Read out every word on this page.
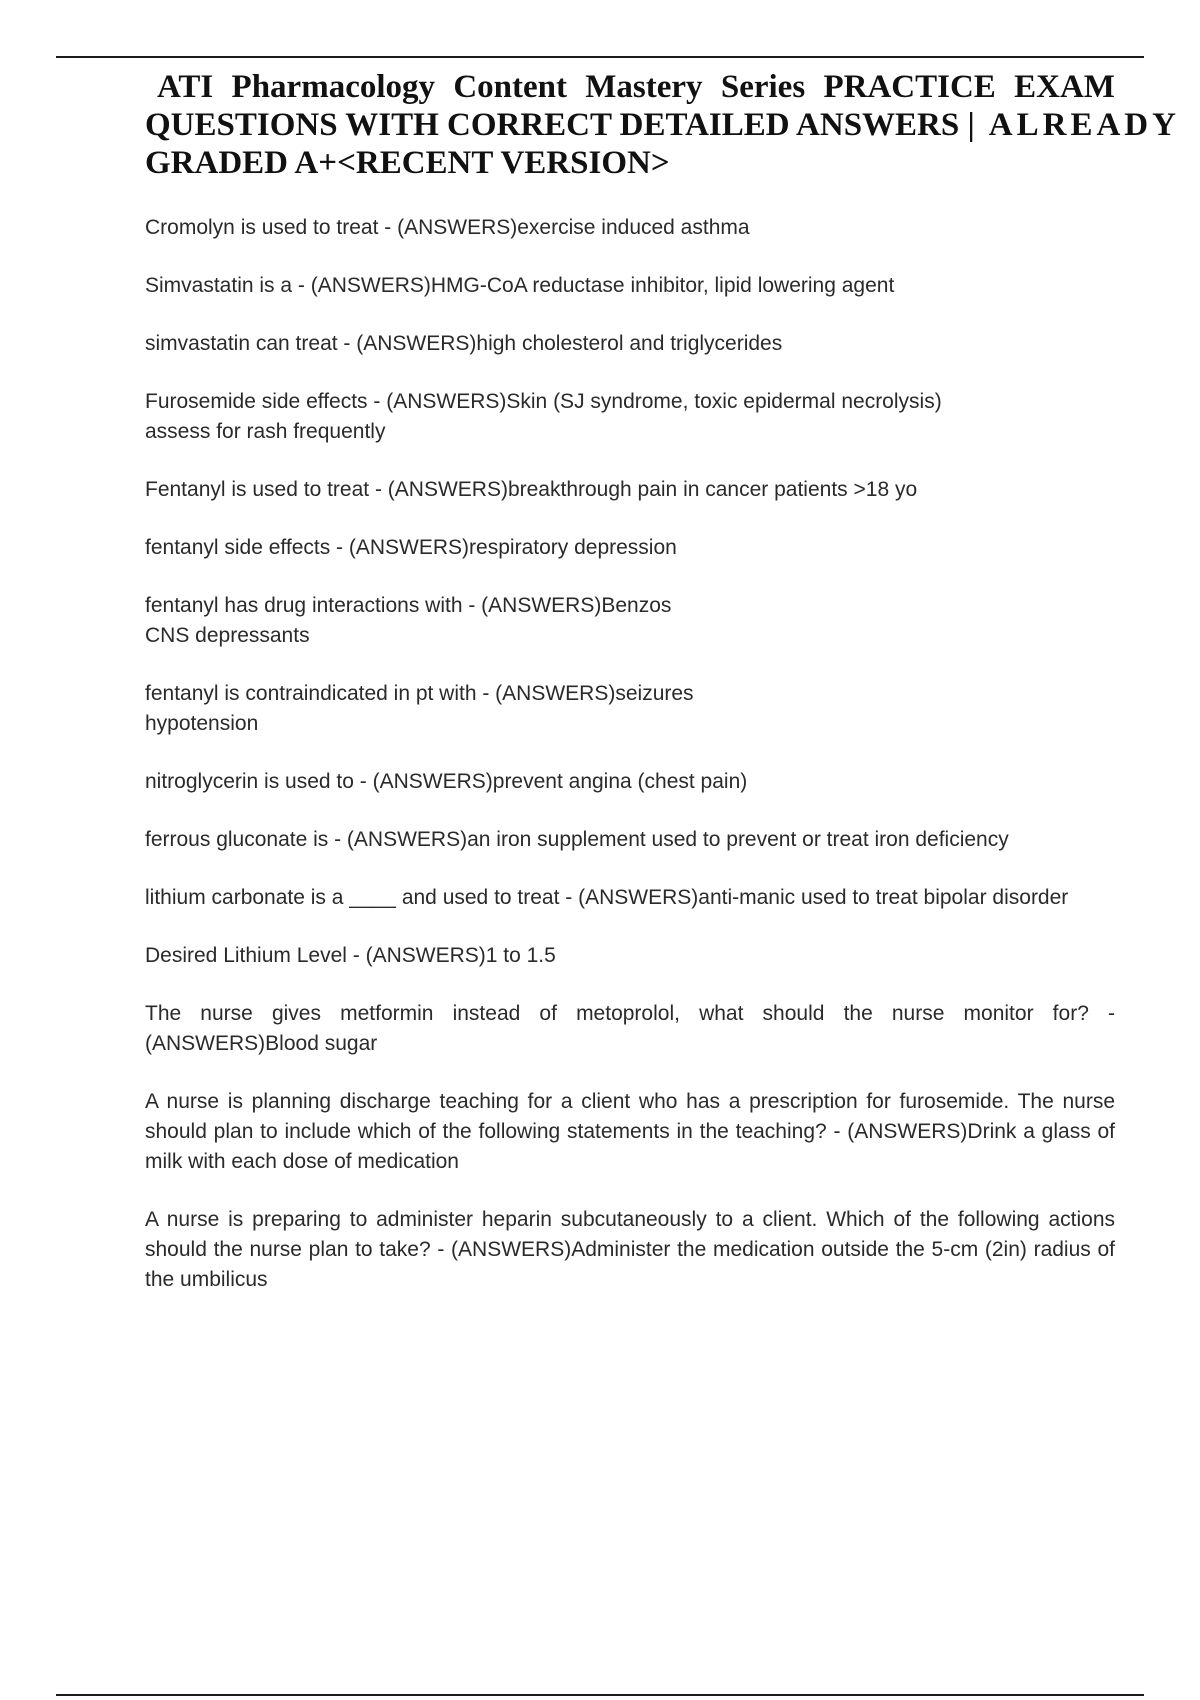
ATI Pharmacology Content Mastery Series PRACTICE EXAM
QUESTIONS WITH CORRECT DETAILED ANSWERS | ALREADY
GRADED A+<RECENT VERSION>
Cromolyn is used to treat - (ANSWERS)exercise induced asthma
Simvastatin is a - (ANSWERS)HMG-CoA reductase inhibitor, lipid lowering agent
simvastatin can treat - (ANSWERS)high cholesterol and triglycerides
Furosemide side effects - (ANSWERS)Skin (SJ syndrome, toxic epidermal necrolysis)
assess for rash frequently
Fentanyl is used to treat - (ANSWERS)breakthrough pain in cancer patients >18 yo
fentanyl side effects - (ANSWERS)respiratory depression
fentanyl has drug interactions with - (ANSWERS)Benzos
CNS depressants
fentanyl is contraindicated in pt with - (ANSWERS)seizures
hypotension
nitroglycerin is used to - (ANSWERS)prevent angina (chest pain)
ferrous gluconate is - (ANSWERS)an iron supplement used to prevent or treat iron deficiency
lithium carbonate is a ____ and used to treat - (ANSWERS)anti-manic used to treat bipolar disorder
Desired Lithium Level - (ANSWERS)1 to 1.5
The nurse gives metformin instead of metoprolol, what should the nurse monitor for? - (ANSWERS)Blood sugar
A nurse is planning discharge teaching for a client who has a prescription for furosemide. The nurse should plan to include which of the following statements in the teaching? - (ANSWERS)Drink a glass of milk with each dose of medication
A nurse is preparing to administer heparin subcutaneously to a client. Which of the following actions should the nurse plan to take? - (ANSWERS)Administer the medication outside the 5-cm (2in) radius of the umbilicus
